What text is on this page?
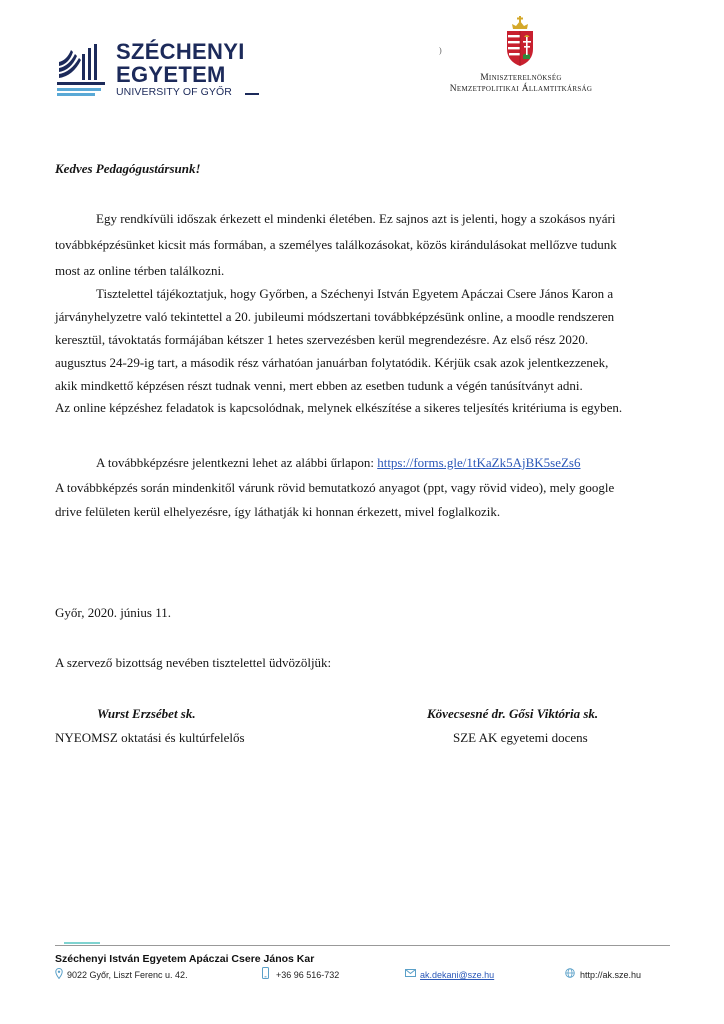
SZÉCHENYI
EGYETEM
UNIVERSITY OF GYŐR
)
Miniszterelnökség
Nemzetpolitikai Államtitkárság
Kedves Pedagógustársunk!
Egy rendkívüli időszak érkezett el mindenki életében. Ez sajnos azt is jelenti, hogy a szokásos nyári
továbbképzésünket kicsit más formában, a személyes találkozásokat, közös kirándulásokat mellőzve tudunk
most az online térben találkozni.
Tisztelettel tájékoztatjuk, hogy Győrben, a Széchenyi István Egyetem Apáczai Csere János Karon a
járványhelyzetre való tekintettel a 20. jubileumi módszertani továbbképzésünk online, a moodle rendszeren
keresztül, távoktatás formájában kétszer 1 hetes szervezésben kerül megrendezésre. Az első rész 2020.
augusztus 24-29-ig tart, a második rész várhatóan januárban folytatódik. Kérjük csak azok jelentkezzenek,
akik mindkettő képzésen részt tudnak venni, mert ebben az esetben tudunk a végén tanúsítványt adni.
Az online képzéshez feladatok is kapcsolódnak, melynek elkészítése a sikeres teljesítés kritériuma is egyben.
A továbbképzésre jelentkezni lehet az alábbi űrlapon: https://forms.gle/1tKaZk5AjBK5seZs6
A továbbképzés során mindenkitől várunk rövid bemutatkozó anyagot (ppt, vagy rövid video), mely google
drive felületen kerül elhelyezésre, így láthatják ki honnan érkezett, mivel foglalkozik.
Győr, 2020. június 11.
A szervező bizottság nevében tisztelettel üdvözöljük:
Wurst Erzsébet sk.
NYEOMSZ oktatási és kultúrfelelős
Kövecsesné dr. Gősi Viktória sk.
SZE AK egyetemi docens
Széchenyi István Egyetem Apáczai Csere János Kar
9022 Győr, Liszt Ferenc u. 42.	+36 96 516-732	ak.dekani@sze.hu	http://ak.sze.hu
